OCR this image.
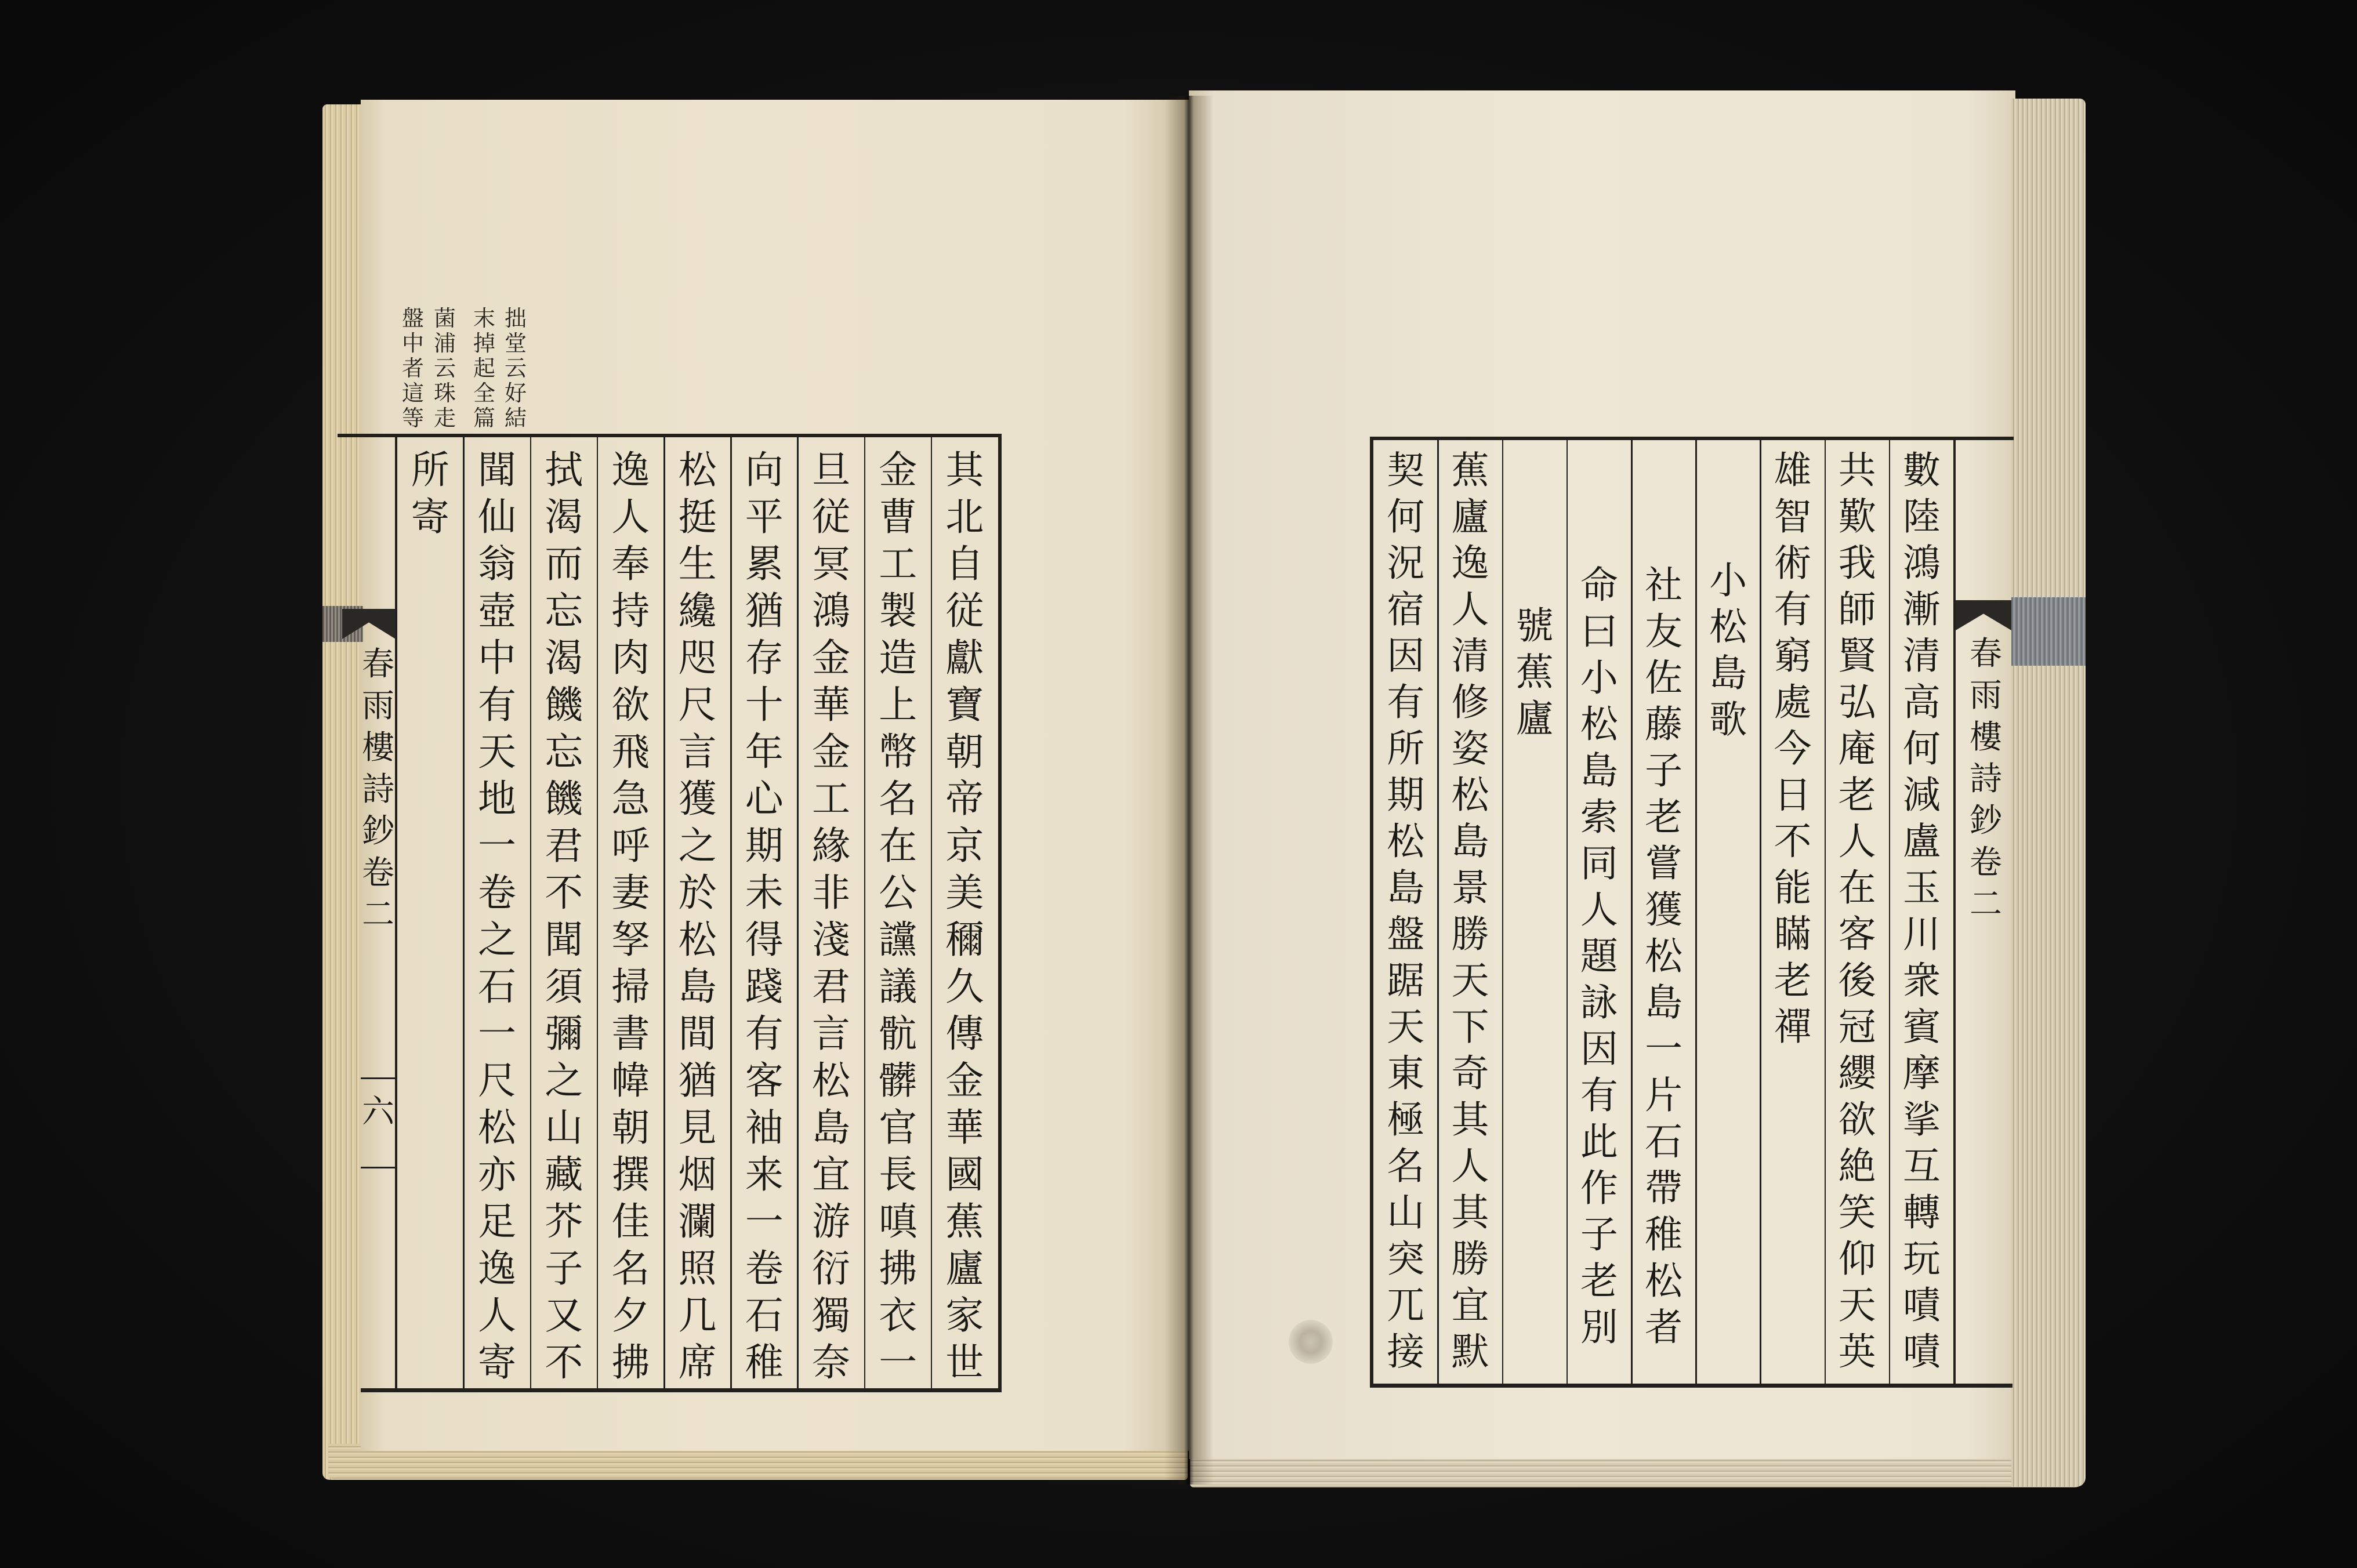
拙
堂
云
好
結
末
掉
起
全
篇
菌
浦
云
珠
走
盤
中
者
這
等
其
北
自
従
獻
寶
朝
帝
京
美
穪
久
傳
金
華
國
蕉
廬
家
世
金
曹
工
製
造
上
幣
名
在
公
讜
議
骯
髒
官
長
嗔
拂
衣
一
旦
従
冥
鴻
金
華
金
工
緣
非
淺
君
言
松
島
宜
游
衍
獨
奈
向
平
累
猶
存
十
年
心
期
未
得
踐
有
客
袖
来
一
卷
石
稚
松
挺
生
纔
咫
尺
言
獲
之
於
松
島
間
猶
見
烟
瀾
照
几
席
逸
人
奉
持
肉
欲
飛
急
呼
妻
孥
掃
書
幃
朝
撰
佳
名
夕
拂
拭
渴
而
忘
渴
饑
忘
饑
君
不
聞
須
彌
之
山
藏
芥
子
又
不
聞
仙
翁
壺
中
有
天
地
一
卷
之
石
一
尺
松
亦
足
逸
人
寄
所
寄
春
雨
樓
詩
鈔
卷
二
六
數
陸
鴻
漸
清
高
何
減
盧
玉
川
衆
賓
摩
挲
互
轉
玩
嘖
嘖
共
歎
我
師
賢
弘
庵
老
人
在
客
後
冠
纓
欲
絶
笑
仰
天
英
雄
智
術
有
窮
處
今
日
不
能
瞞
老
禪
小
松
島
歌
社
友
佐
藤
子
老
嘗
獲
松
島
一
片
石
帶
稚
松
者
命
曰
小
松
島
索
同
人
題
詠
因
有
此
作
子
老
別
號
蕉
廬
蕉
廬
逸
人
清
修
姿
松
島
景
勝
天
下
奇
其
人
其
勝
宜
默
契
何
況
宿
因
有
所
期
松
島
盤
踞
天
東
極
名
山
突
兀
接
春
雨
樓
詩
鈔
卷
二
